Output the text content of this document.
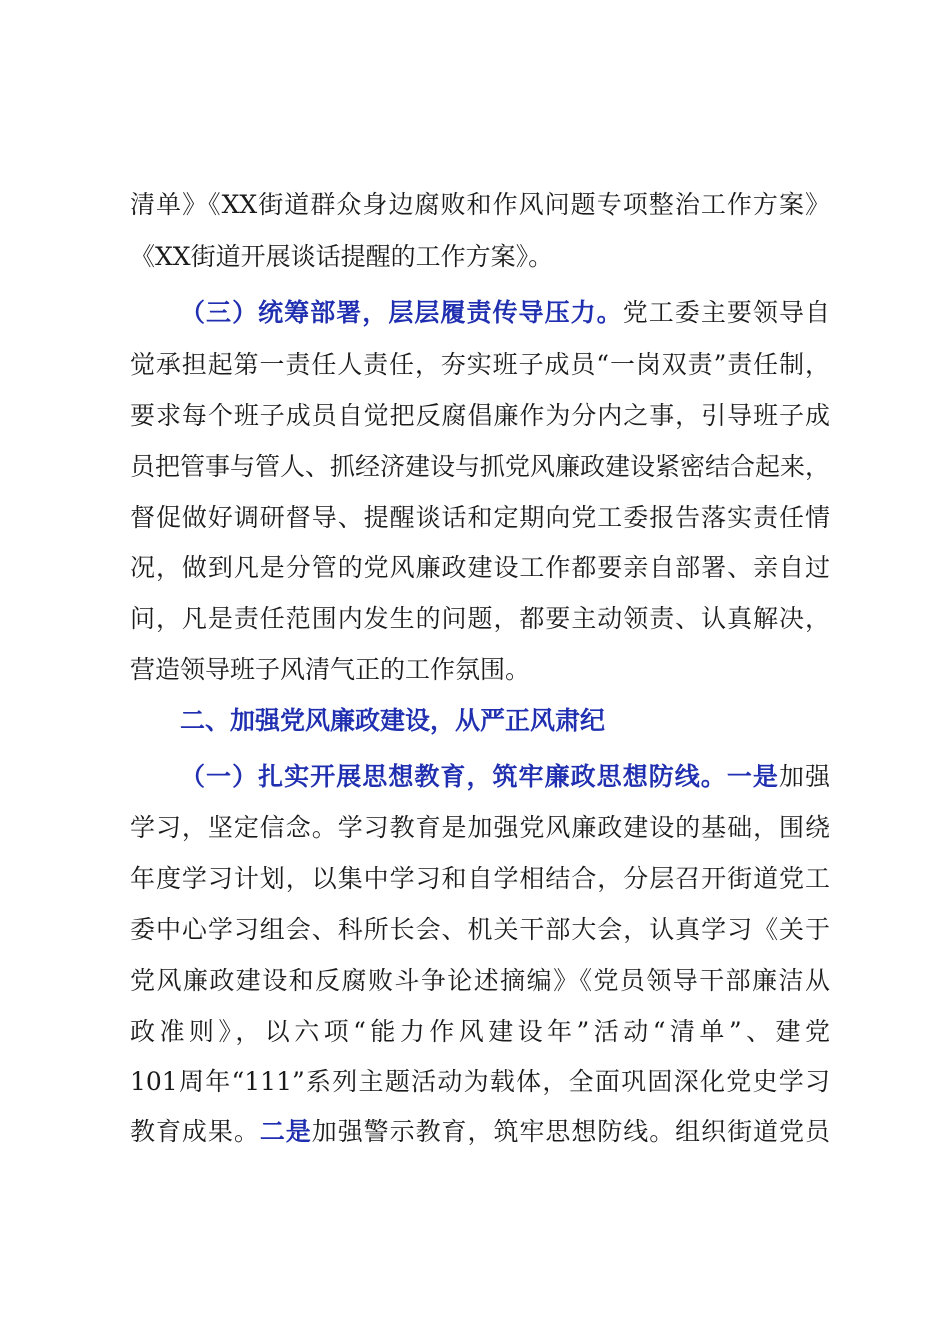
清单》《XX街道群众身边腐败和作风问题专项整治工作方案》
《XX街道开展谈话提醒的工作方案》。
（三）统筹部署，层层履责传导压力。党工委主要领导自
觉承担起第一责任人责任，夯实班子成员“一岗双责”责任制，
要求每个班子成员自觉把反腐倡廉作为分内之事，引导班子成
员把管事与管人、抓经济建设与抓党风廉政建设紧密结合起来，
督促做好调研督导、提醒谈话和定期向党工委报告落实责任情
况，做到凡是分管的党风廉政建设工作都要亲自部署、亲自过
问，凡是责任范围内发生的问题，都要主动领责、认真解决，
营造领导班子风清气正的工作氛围。
二、加强党风廉政建设，从严正风肃纪
（一）扎实开展思想教育，筑牢廉政思想防线。一是加强
学习，坚定信念。学习教育是加强党风廉政建设的基础，围绕
年度学习计划，以集中学习和自学相结合，分层召开街道党工
委中心学习组会、科所长会、机关干部大会，认真学习《关于
党风廉政建设和反腐败斗争论述摘编》《党员领导干部廉洁从
政准则》，以六项“能力作风建设年”活动“清单”、建党
101周年“111”系列主题活动为载体，全面巩固深化党史学习
教育成果。二是加强警示教育，筑牢思想防线。组织街道党员
